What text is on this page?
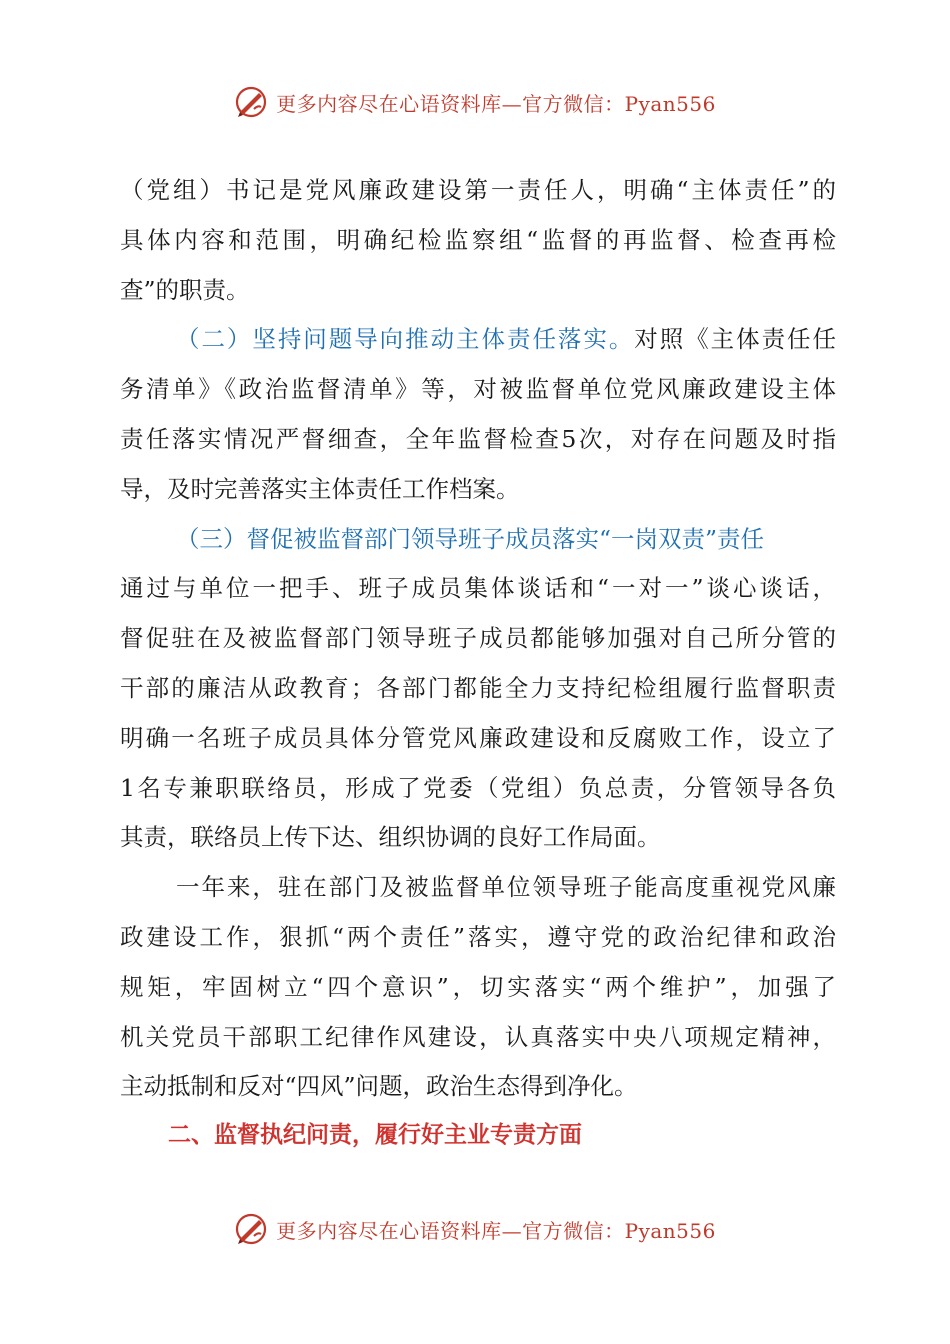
更多内容尽在心语资料库—官方微信：Pyan556
（党组）书记是党风廉政建设第一责任人，明确“主体责任”的
具体内容和范围，明确纪检监察组“监督的再监督、检查再检
查”的职责。
（二）坚持问题导向推动主体责任落实。对照《主体责任任
务清单》《政治监督清单》等，对被监督单位党风廉政建设主体
责任落实情况严督细查，全年监督检查5次，对存在问题及时指
导，及时完善落实主体责任工作档案。
（三）督促被监督部门领导班子成员落实“一岗双责”责任
通过与单位一把手、班子成员集体谈话和“一对一”谈心谈话，
督促驻在及被监督部门领导班子成员都能够加强对自己所分管的
干部的廉洁从政教育；各部门都能全力支持纪检组履行监督职责
明确一名班子成员具体分管党风廉政建设和反腐败工作，设立了
1名专兼职联络员，形成了党委（党组）负总责，分管领导各负
其责，联络员上传下达、组织协调的良好工作局面。
一年来，驻在部门及被监督单位领导班子能高度重视党风廉
政建设工作，狠抓“两个责任”落实，遵守党的政治纪律和政治
规矩，牢固树立“四个意识”，切实落实“两个维护”，加强了
机关党员干部职工纪律作风建设，认真落实中央八项规定精神，
主动抵制和反对“四风”问题，政治生态得到净化。
二、监督执纪问责，履行好主业专责方面
更多内容尽在心语资料库—官方微信：Pyan556
